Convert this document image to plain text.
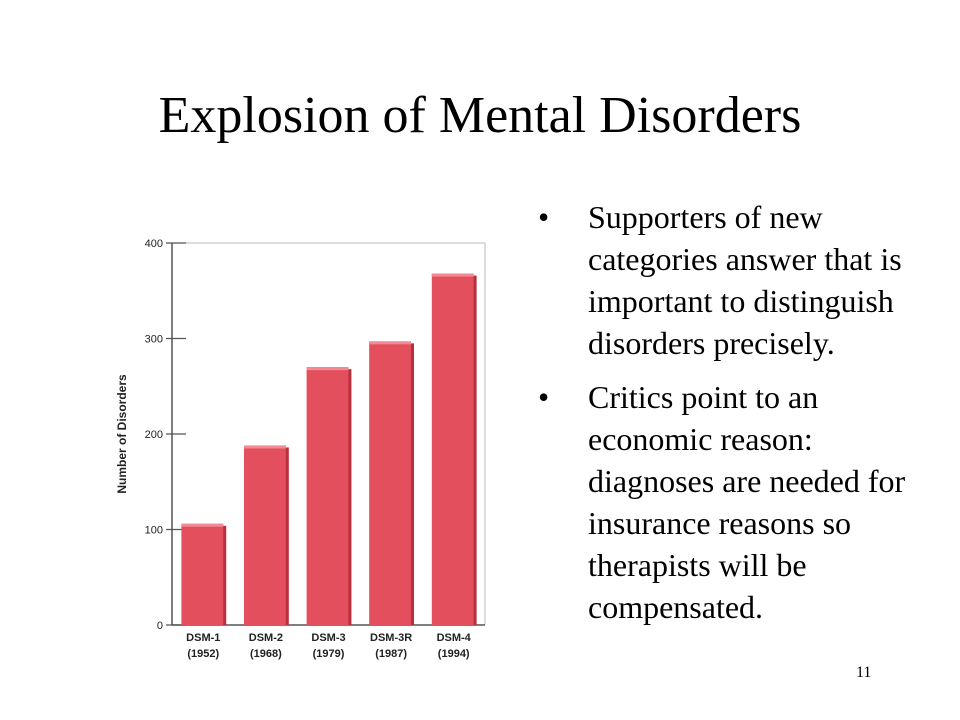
Explosion of Mental Disorders
0
100
200
300
400
Number of Disorders
DSM-1
(1952)
DSM-2
(1968)
DSM-3
(1979)
DSM-3R
(1987)
DSM-4
(1994)
• Supporters of new categories answer that is important to distinguish disorders precisely.
• Critics point to an economic reason: diagnoses are needed for insurance reasons so therapists will be compensated.
11
